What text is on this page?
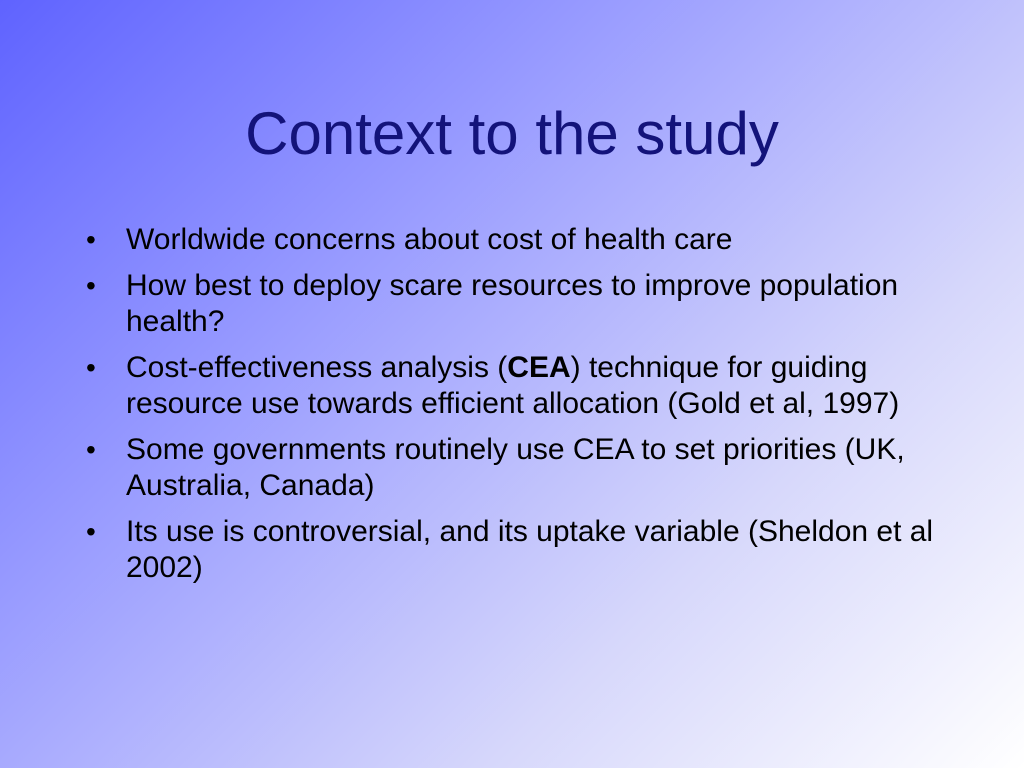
Context to the study
•	Worldwide concerns about cost of health care
•	How best to deploy scare resources to improve population health?
•	Cost-effectiveness analysis (CEA) technique for guiding resource use towards efficient allocation (Gold et al, 1997)
•	Some governments routinely use CEA to set priorities (UK, Australia, Canada)
•	Its use is controversial, and its uptake variable (Sheldon et al 2002)
